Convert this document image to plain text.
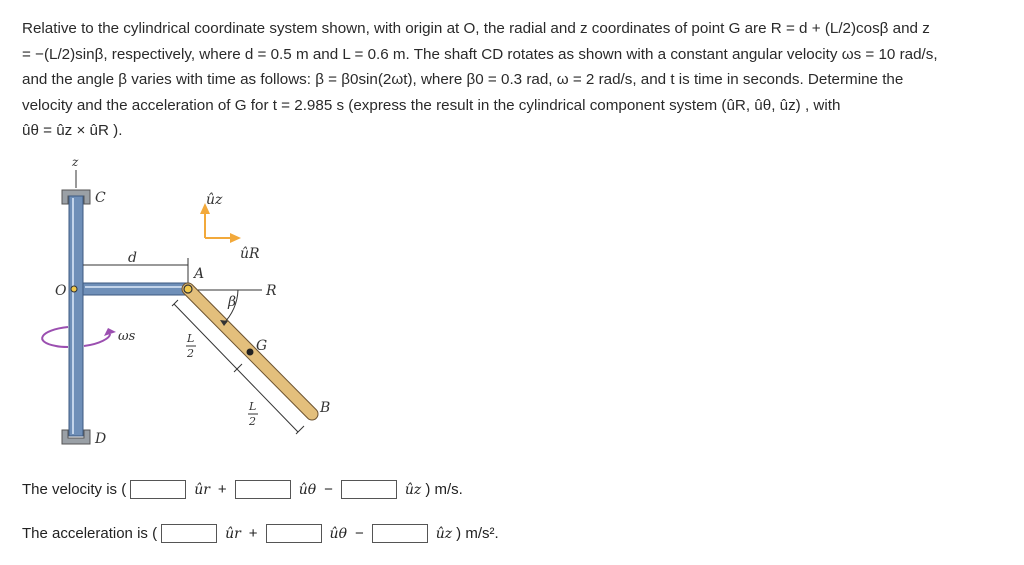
Relative to the cylindrical coordinate system shown, with origin at O, the radial and z coordinates of point G are R = d + (L/2)cosβ and z

= −(L/2)sinβ, respectively, where d = 0.5 m and L = 0.6 m. The shaft CD rotates as shown with a constant angular velocity ωs = 10 rad/s,

and the angle β varies with time as follows: β = β0sin(2ωt), where β0 = 0.3 rad, ω = 2 rad/s, and t is time in seconds. Determine the

velocity and the acceleration of G for t = 2.985 s (express the result in the cylindrical component system (ûR, ûθ, ûz) , with

ûθ = ûz × ûR ).

z
C
D
O
d
A
R
ûz
ûR
G
B
β
L
2
L
2
ωs
The velocity is (	ûr +	ûθ −	ûz ) m/s.
The acceleration is (	ûr +	ûθ −	ûz ) m/s².
